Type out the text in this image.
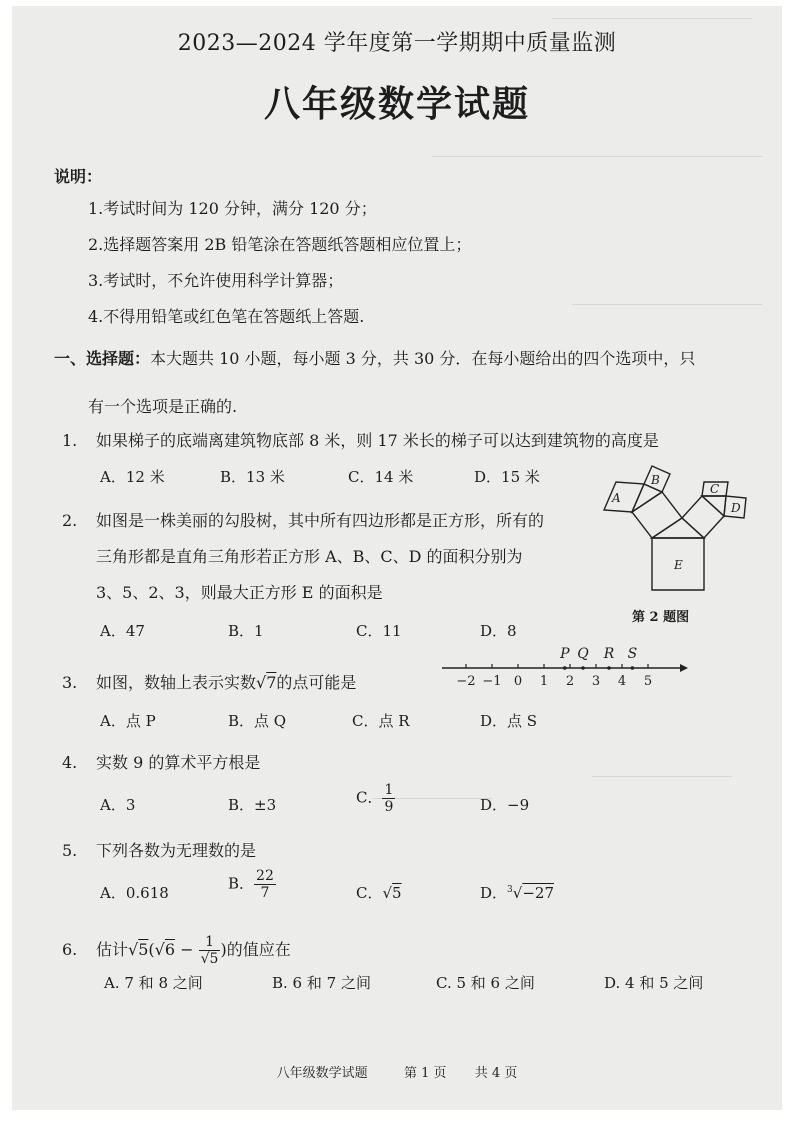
2023—2024 学年度第一学期期中质量监测
八年级数学试题
说明：
1.考试时间为 120 分钟，满分 120 分；
2.选择题答案用 2B 铅笔涂在答题纸答题相应位置上；
3.考试时，不允许使用科学计算器；
4.不得用铅笔或红色笔在答题纸上答题.
一、选择题：本大题共 10 小题，每小题 3 分，共 30 分．在每小题给出的四个选项中，只
有一个选项是正确的.
1. 如果梯子的底端离建筑物底部 8 米，则 17 米长的梯子可以达到建筑物的高度是
A．12 米	B．13 米	C．14 米	D．15 米
2. 如图是一株美丽的勾股树，其中所有四边形都是正方形，所有的
三角形都是直角三角形若正方形 A、B、C、D 的面积分别为
3、5、2、3，则最大正方形 E 的面积是
A．47	B．1	C．11	D．8
B
A
C
D
E
第 2 题图
3. 如图，数轴上表示实数√7的点可能是
A．点 P	B．点 Q	C．点 R	D．点 S
−2 −1 0 1 2 3 4 5
P Q R S
4. 实数 9 的算术平方根是
A．3	B．±3	C． $\frac{1}{9}$	D．−9
5. 下列各数为无理数的是
A．0.618
B． $\frac{22}{7}$	C．√5	D．$^3$√−27
6. 估计$√5(√6 - \frac{1}{√5}$ )的值应在
A. 7 和 8 之间	B. 6 和 7 之间	C. 5 和 6 之间	D. 4 和 5 之间
八年级数学试题	第 1 页 共 4 页
